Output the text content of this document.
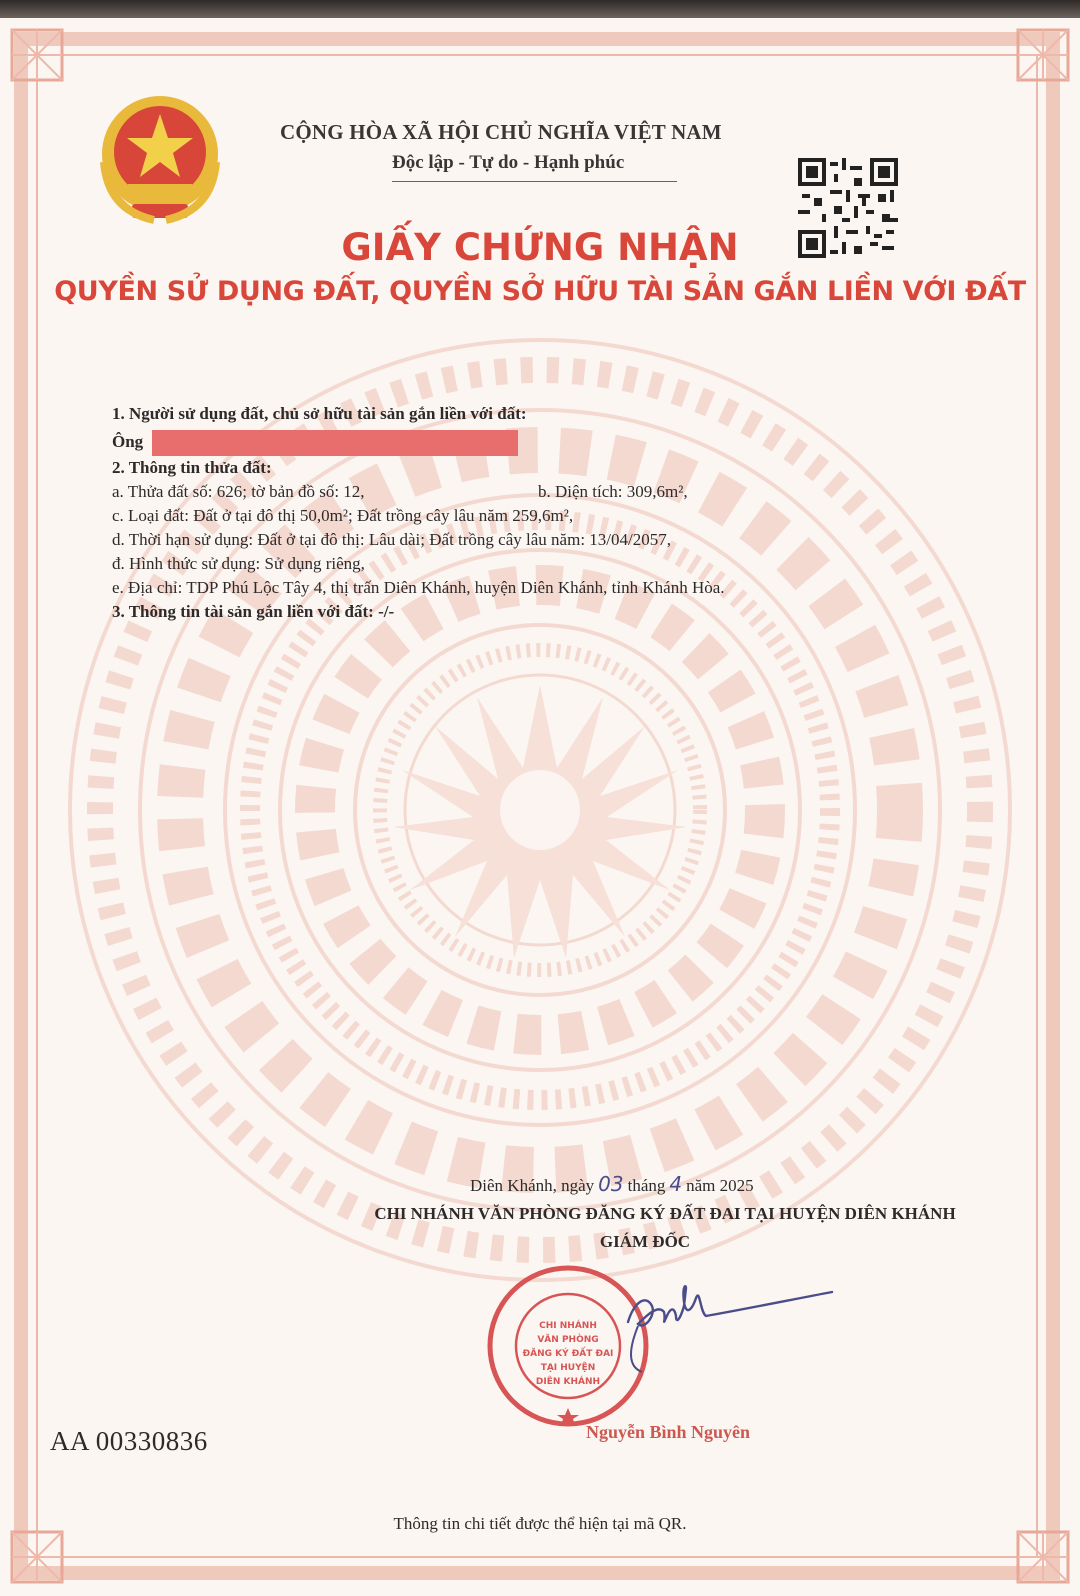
CỘNG HÒA XÃ HỘI CHỦ NGHĨA VIỆT NAM
Độc lập - Tự do - Hạnh phúc
GIẤY CHỨNG NHẬN
QUYỀN SỬ DỤNG ĐẤT, QUYỀN SỞ HỮU TÀI SẢN GẮN LIỀN VỚI ĐẤT
1. Người sử dụng đất, chủ sở hữu tài sản gắn liền với đất:
Ông
2. Thông tin thửa đất:
a. Thửa đất số: 626; tờ bản đồ số: 12,	b. Diện tích: 309,6m²,
c. Loại đất: Đất ở tại đô thị 50,0m²; Đất trồng cây lâu năm 259,6m²,
d. Thời hạn sử dụng: Đất ở tại đô thị: Lâu dài; Đất trồng cây lâu năm: 13/04/2057,
đ. Hình thức sử dụng: Sử dụng riêng,
e. Địa chỉ: TDP Phú Lộc Tây 4, thị trấn Diên Khánh, huyện Diên Khánh, tỉnh Khánh Hòa.
3. Thông tin tài sản gắn liền với đất: -/-
Diên Khánh, ngày 03 tháng 4 năm 2025
CHI NHÁNH VĂN PHÒNG ĐĂNG KÝ ĐẤT ĐAI TẠI HUYỆN DIÊN KHÁNH
GIÁM ĐỐC
CHI NHÁNH
VĂN PHÒNG
ĐĂNG KÝ ĐẤT ĐAI
TẠI HUYỆN
DIÊN KHÁNH
Nguyễn Bình Nguyên
AA 00330836
Thông tin chi tiết được thể hiện tại mã QR.
